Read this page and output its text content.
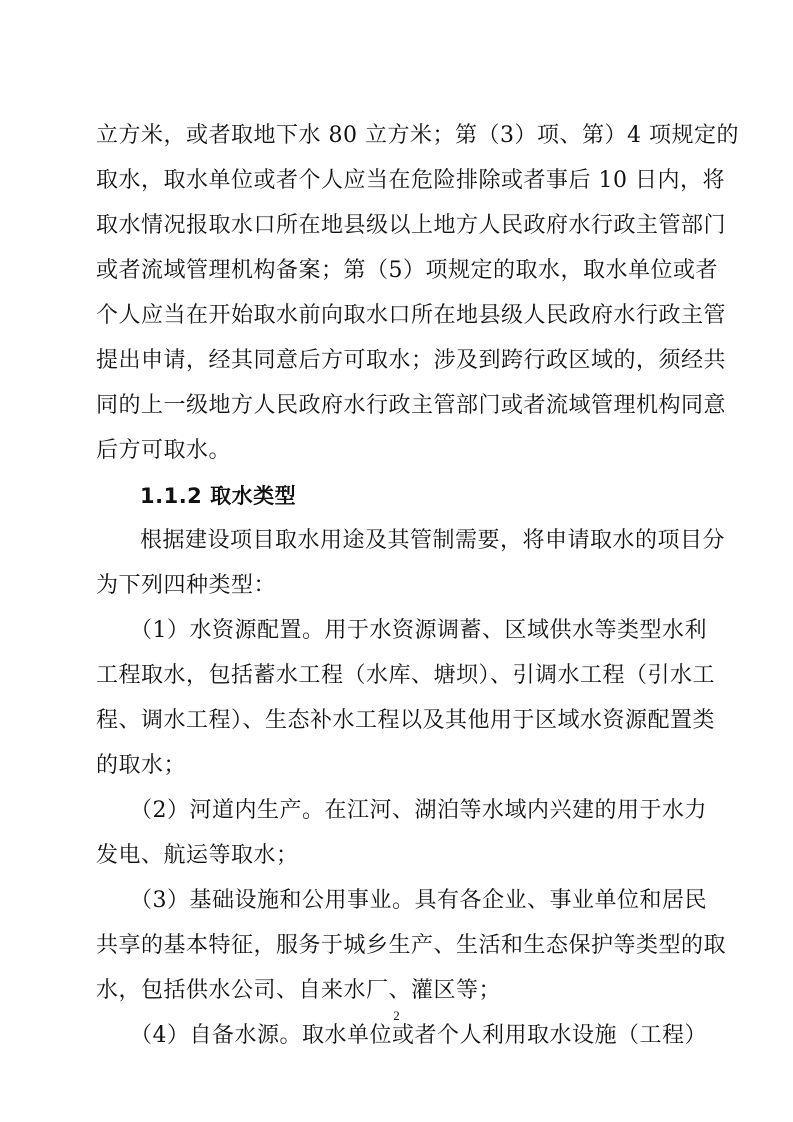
立方米，或者取地下水 80 立方米；第（3）项、第）4 项规定的
取水，取水单位或者个人应当在危险排除或者事后 10 日内，将
取水情况报取水口所在地县级以上地方人民政府水行政主管部门
或者流域管理机构备案；第（5）项规定的取水，取水单位或者
个人应当在开始取水前向取水口所在地县级人民政府水行政主管
提出申请，经其同意后方可取水；涉及到跨行政区域的，须经共
同的上一级地方人民政府水行政主管部门或者流域管理机构同意
后方可取水。
1.1.2 取水类型
根据建设项目取水用途及其管制需要，将申请取水的项目分
为下列四种类型：
（1）水资源配置。用于水资源调蓄、区域供水等类型水利
工程取水，包括蓄水工程（水库、塘坝）、引调水工程（引水工
程、调水工程）、生态补水工程以及其他用于区域水资源配置类
的取水；
（2）河道内生产。在江河、湖泊等水域内兴建的用于水力
发电、航运等取水；
（3）基础设施和公用事业。具有各企业、事业单位和居民
共享的基本特征，服务于城乡生产、生活和生态保护等类型的取
水，包括供水公司、自来水厂、灌区等；
（4）自备水源。取水单位或者个人利用取水设施（工程）
2
